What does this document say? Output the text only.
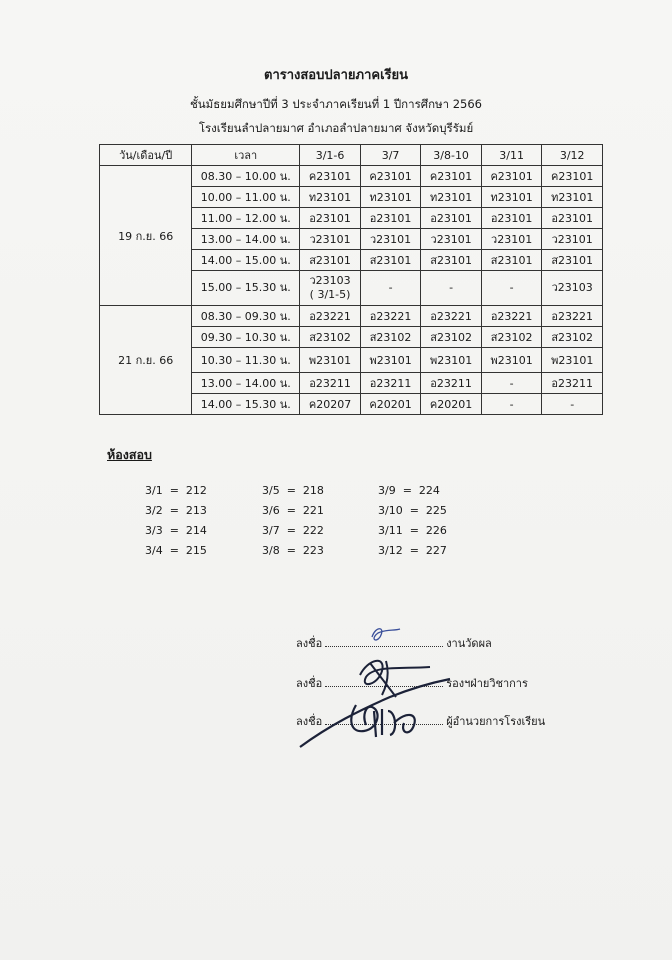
ตารางสอบปลายภาคเรียน
ชั้นมัธยมศึกษาปีที่ 3 ประจำภาคเรียนที่ 1 ปีการศึกษา 2566
โรงเรียนลำปลายมาศ อำเภอลำปลายมาศ จังหวัดบุรีรัมย์
วัน/เดือน/ปี	เวลา	3/1-6	3/7	3/8-10	3/11	3/12
19 ก.ย. 66	08.30 – 10.00 น.	ค23101	ค23101	ค23101	ค23101	ค23101
	10.00 – 11.00 น.	ท23101	ท23101	ท23101	ท23101	ท23101
	11.00 – 12.00 น.	อ23101	อ23101	อ23101	อ23101	อ23101
	13.00 – 14.00 น.	ว23101	ว23101	ว23101	ว23101	ว23101
	14.00 – 15.00 น.	ส23101	ส23101	ส23101	ส23101	ส23101
	15.00 – 15.30 น.	ว23103
( 3/1-5)	-	-	-	ว23103
21 ก.ย. 66	08.30 – 09.30 น.	อ23221	อ23221	อ23221	อ23221	อ23221
	09.30 – 10.30 น.	ส23102	ส23102	ส23102	ส23102	ส23102
	10.30 – 11.30 น.	พ23101	พ23101	พ23101	พ23101	พ23101
	13.00 – 14.00 น.	อ23211	อ23211	อ23211	-	อ23211
	14.00 – 15.30 น.	ค20207	ค20201	ค20201	-	-
ห้องสอบ
3/1  =  212
3/2  =  213
3/3  =  214
3/4  =  215
3/5  =  218
3/6  =  221
3/7  =  222
3/8  =  223
3/9  =  224
3/10  =  225
3/11  =  226
3/12  =  227
ลงชื่อ	งานวัดผล
ลงชื่อ	รองฯฝ่ายวิชาการ
ลงชื่อ	ผู้อำนวยการโรงเรียน
